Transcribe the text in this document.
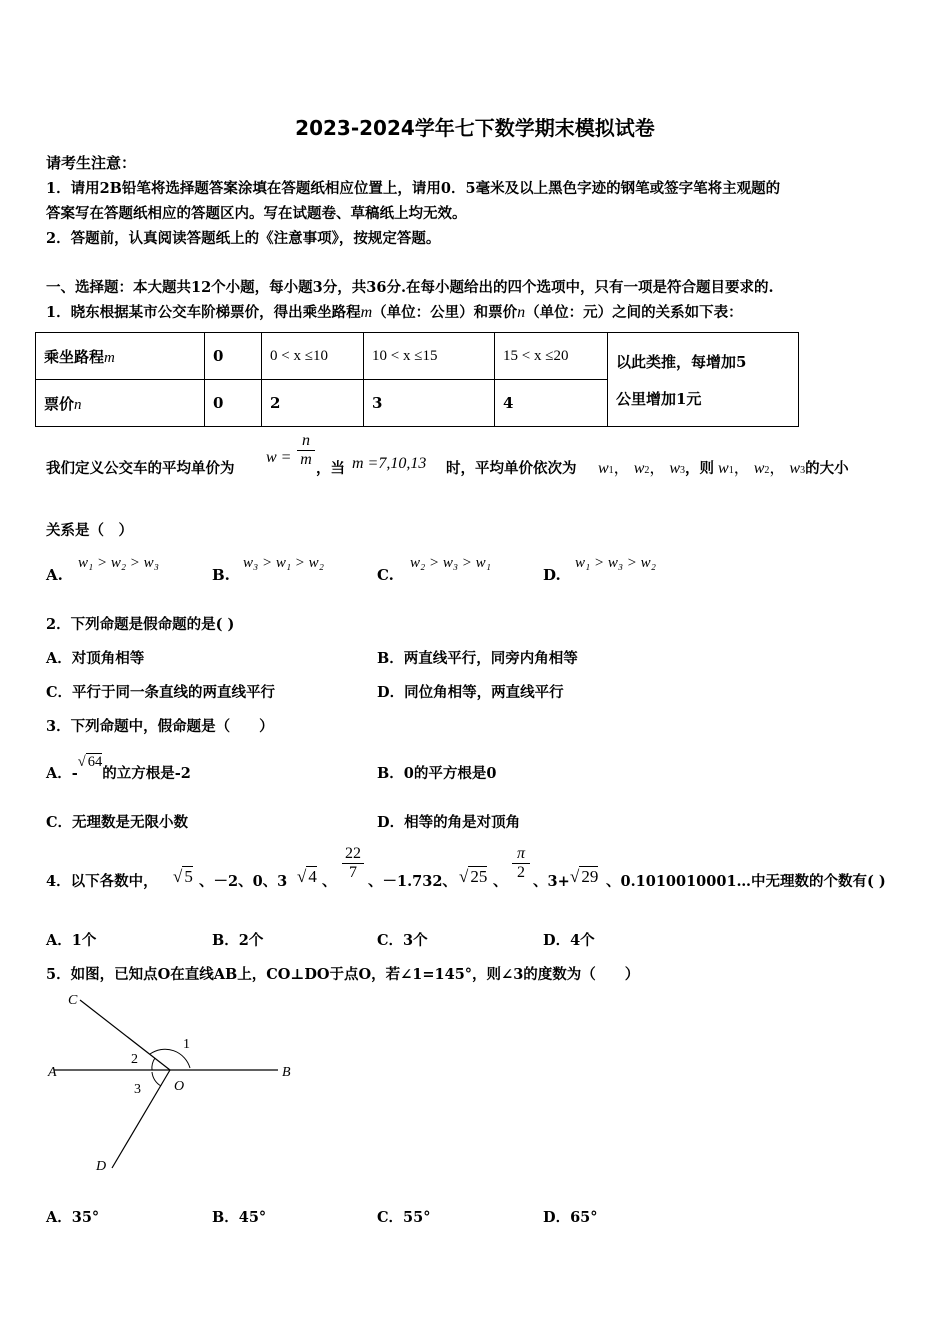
2023-2024学年七下数学期末模拟试卷
请考生注意：
1．请用2B铅笔将选择题答案涂填在答题纸相应位置上，请用0．5毫米及以上黑色字迹的钢笔或签字笔将主观题的
答案写在答题纸相应的答题区内。写在试题卷、草稿纸上均无效。
2．答题前，认真阅读答题纸上的《注意事项》，按规定答题。
一、选择题：本大题共12个小题，每小题3分，共36分.在每小题给出的四个选项中，只有一项是符合题目要求的.
1．晓东根据某市公交车阶梯票价，得出乘坐路程m（单位：公里）和票价n（单位：元）之间的关系如下表：
乘坐路程m	0	0 < x ≤10	10 < x ≤15	15 < x ≤20	以此类推，每增加5
公里增加1元

票价n	0	2	3	4	
我们定义公交车的平均单价为
$w = \frac{n}{m}$ ，当 m =7,10,13 时，平均单价依次为 w1， w2， w3，则 w1， w2， w3的大小
关系是（　）
A.
w₁ > w₂ > w₃
B.
w₃ > w₁ > w₂
C.
w₂ > w₃ > w₁
D.
w₁ > w₃ > w₂
2．下列命题是假命题的是( )
A．对顶角相等	B．两直线平行，同旁内角相等
C．平行于同一条直线的两直线平行	D．同位角相等，两直线平行
3．下列命题中，假命题是（　　）
A．-√ 64的立方根是-2	B．0的平方根是0
C．无理数是无限小数	D．相等的角是对顶角
4．以下各数中， √ 5 、－2、0、3 √ 4 、 $\frac{22}{7}$ 、－1.732、 √ 25 、 $\frac{\pi}{2}$ 、3+ √ 29 、0.1010010001…中无理数的个数有( )
A．1个	B．2个	C．3个	D．4个
5．如图，已知点O在直线AB上，CO⊥DO于点O，若∠1=145°，则∠3的度数为（　　）
C
A	B
D
O
1
2
3
A．35°	B．45°	C．55°	D．65°
